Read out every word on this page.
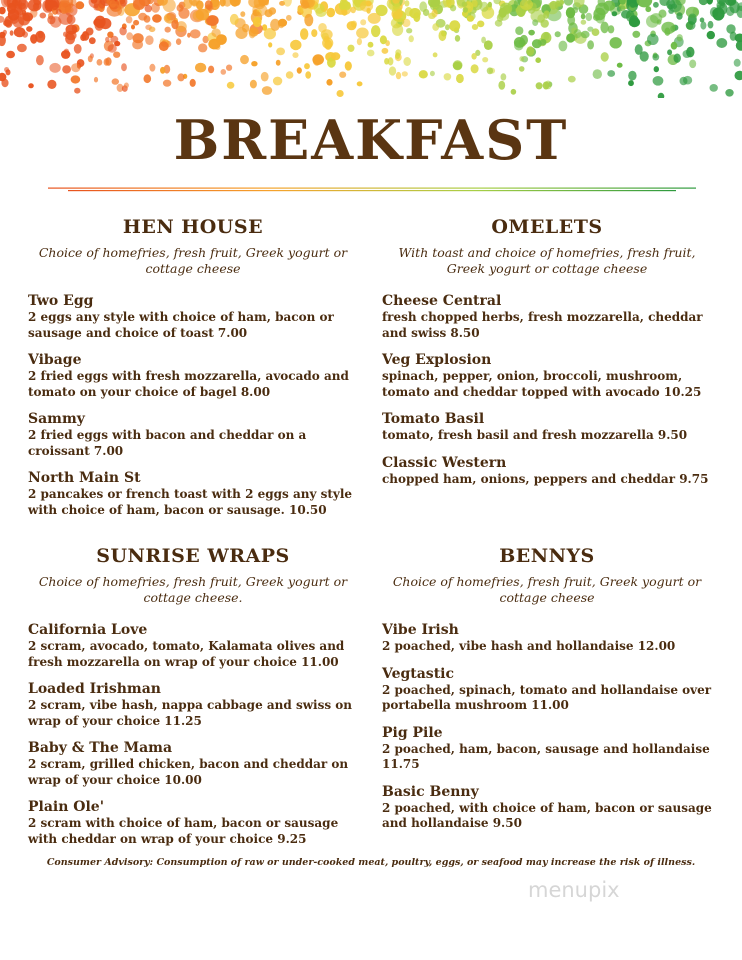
BREAKFAST
HEN HOUSE

Choice of homefries, fresh fruit, Greek yogurt or cottage cheese

Two Egg
2 eggs any style with choice of ham, bacon or sausage and choice of toast 7.00
Vibage
2 fried eggs with fresh mozzarella, avocado and tomato on your choice of bagel 8.00
Sammy
2 fried eggs with bacon and cheddar on a croissant 7.00
North Main St
2 pancakes or french toast with 2 eggs any style with choice of ham, bacon or sausage. 10.50
OMELETS

With toast and choice of homefries, fresh fruit, Greek yogurt or cottage cheese

Cheese Central
fresh chopped herbs, fresh mozzarella, cheddar and swiss 8.50
Veg Explosion
spinach, pepper, onion, broccoli, mushroom, tomato and cheddar topped with avocado 10.25
Tomato Basil
tomato, fresh basil and fresh mozzarella 9.50
Classic Western
chopped ham, onions, peppers and cheddar 9.75
SUNRISE WRAPS

Choice of homefries, fresh fruit, Greek yogurt or cottage cheese.

California Love
2 scram, avocado, tomato, Kalamata olives and fresh mozzarella on wrap of your choice 11.00
Loaded Irishman
2 scram, vibe hash, nappa cabbage and swiss on wrap of your choice 11.25
Baby & The Mama
2 scram, grilled chicken, bacon and cheddar on wrap of your choice 10.00
Plain Ole'
2 scram with choice of ham, bacon or sausage with cheddar on wrap of your choice 9.25
BENNYS

Choice of homefries, fresh fruit, Greek yogurt or cottage cheese

Vibe Irish
2 poached, vibe hash and hollandaise 12.00
Vegtastic
2 poached, spinach, tomato and hollandaise over portabella mushroom 11.00
Pig Pile
2 poached, ham, bacon, sausage and hollandaise 11.75
Basic Benny
2 poached, with choice of ham, bacon or sausage and hollandaise 9.50
Consumer Advisory: Consumption of raw or under-cooked meat, poultry, eggs, or seafood may increase the risk of illness.
menupix
